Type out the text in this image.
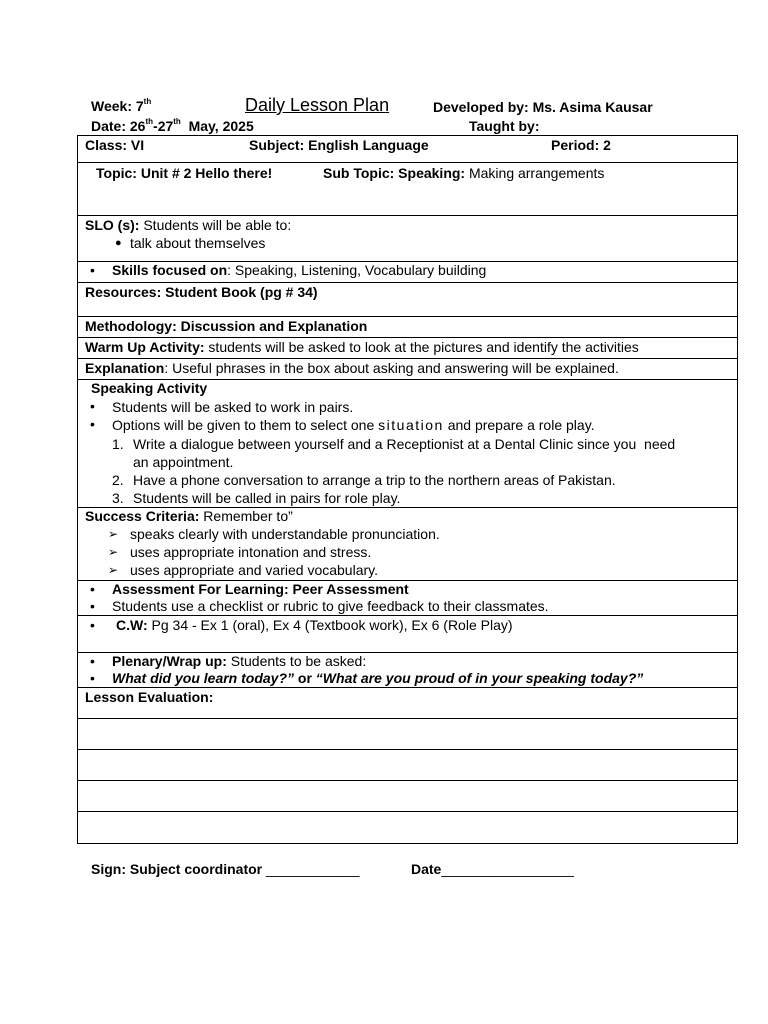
Week: 7th	Daily Lesson Plan	Developed by: Ms. Asima Kausar
Date: 26th-27th  May, 2025	Taught by:
Class: VI	Subject: English Language	Period: 2
Topic: Unit # 2 Hello there!	Sub Topic: Speaking: Making arrangements
SLO (s): Students will be able to:
● talk about themselves
• Skills focused on: Speaking, Listening, Vocabulary building
Resources: Student Book (pg # 34)
Methodology: Discussion and Explanation
Warm Up Activity: students will be asked to look at the pictures and identify the activities
Explanation: Useful phrases in the box about asking and answering will be explained.
Speaking Activity
• Students will be asked to work in pairs.
• Options will be given to them to select one situation and prepare a role play.
1. Write a dialogue between yourself and a Receptionist at a Dental Clinic since you  need
an appointment.
2. Have  a  phone  conversation  to  arrange  a  trip  to  the  northern  areas  of  Pakistan.
3. Students will be called in pairs for role play.
Success Criteria: Remember to”
➢ speaks clearly with understandable pronunciation.
➢ uses appropriate intonation and stress.
➢ uses appropriate and varied vocabulary.
• Assessment For Learning: Peer Assessment
• Students use a checklist or rubric to give feedback to their classmates.
• C.W: Pg 34 - Ex 1 (oral), Ex 4 (Textbook work), Ex 6 (Role Play)
• Plenary/Wrap up: Students to be asked:
• What did you learn today?” or “What are you proud of in your speaking today?”
Lesson Evaluation:
Sign: Subject coordinator ____________	Date_________________
